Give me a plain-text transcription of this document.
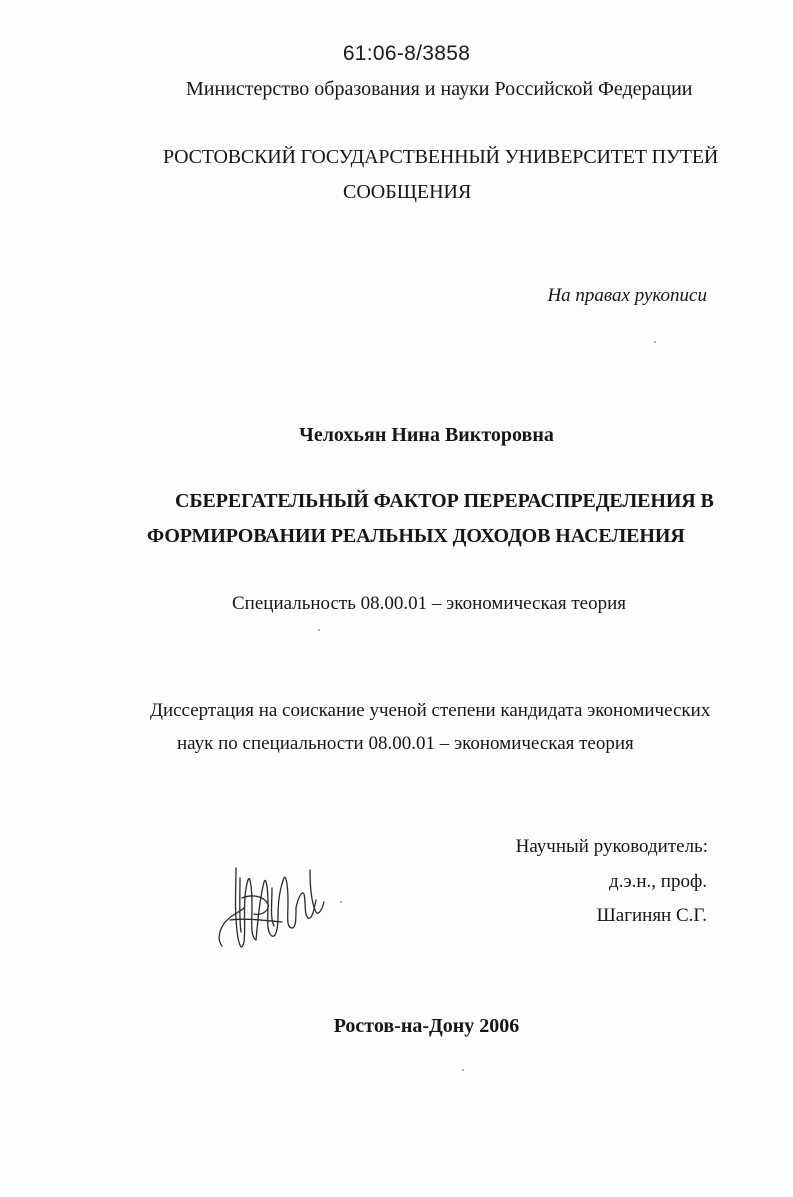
61:06-8/3858
Министерство образования и науки Российской Федерации
РОСТОВСКИЙ ГОСУДАРСТВЕННЫЙ УНИВЕРСИТЕТ ПУТЕЙ
СООБЩЕНИЯ
На правах рукописи
Челохьян Нина Викторовна
СБЕРЕГАТЕЛЬНЫЙ ФАКТОР ПЕРЕРАСПРЕДЕЛЕНИЯ В
ФОРМИРОВАНИИ РЕАЛЬНЫХ ДОХОДОВ НАСЕЛЕНИЯ
Специальность 08.00.01 – экономическая теория
Диссертация на соискание ученой степени кандидата экономических
наук по специальности 08.00.01 – экономическая теория
Научный руководитель:
д.э.н., проф.
Шагинян С.Г.
Ростов-на-Дону 2006
